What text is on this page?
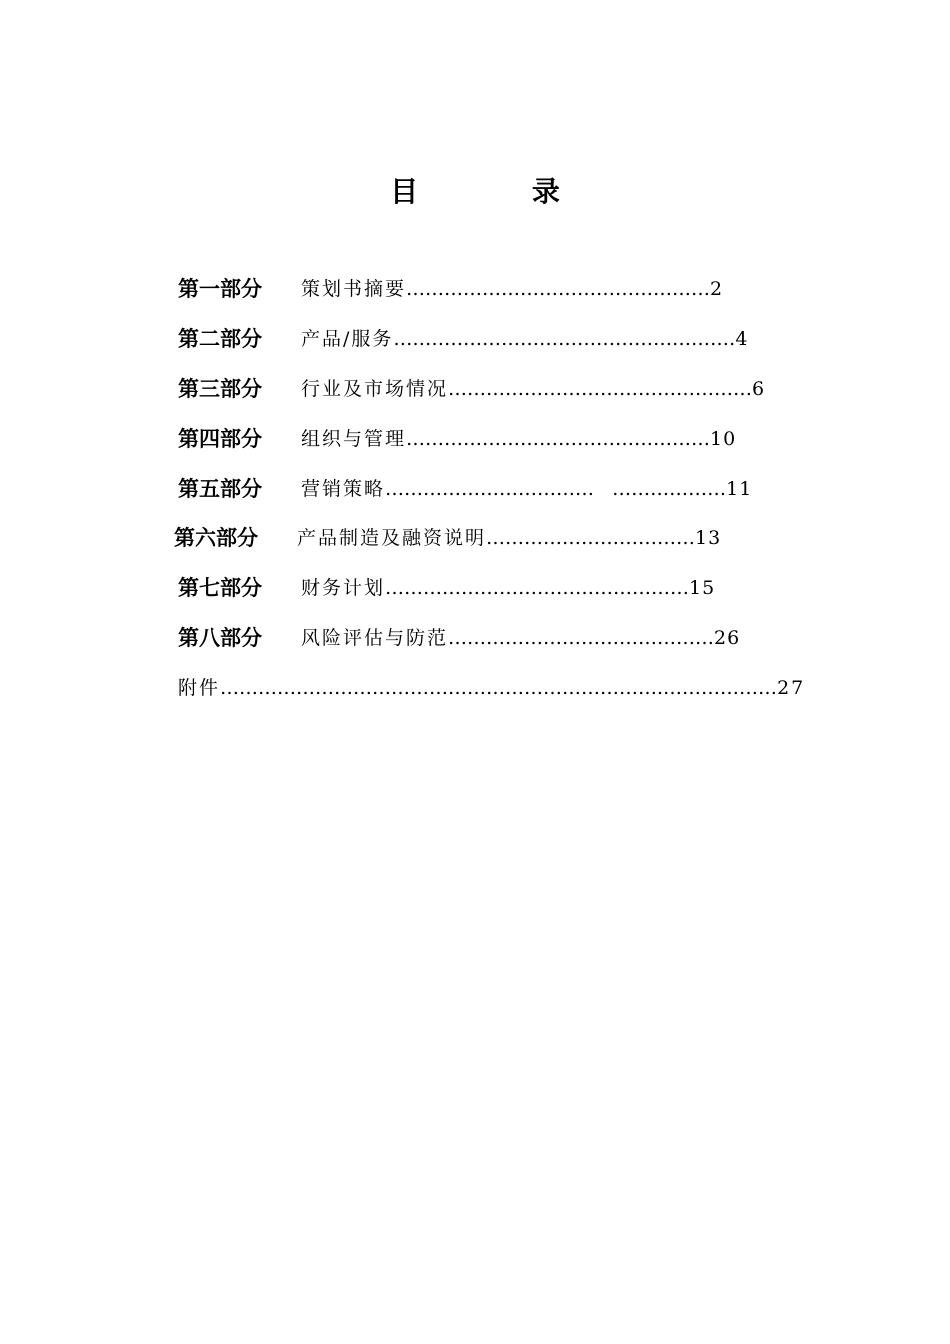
目 录
第一部分 策划书摘要…………………………………………2
第二部分 产品/服务………………………………………………4
第三部分 行业及市场情况…………………………………………6
第四部分 组织与管理…………………………………………10
第五部分 营销策略……………………………   ………………11
第六部分 产品制造及融资说明……………………………13
第七部分 财务计划…………………………………………15
第八部分 风险评估与防范……………………………………26
附件…………………………………………………………….………………27
